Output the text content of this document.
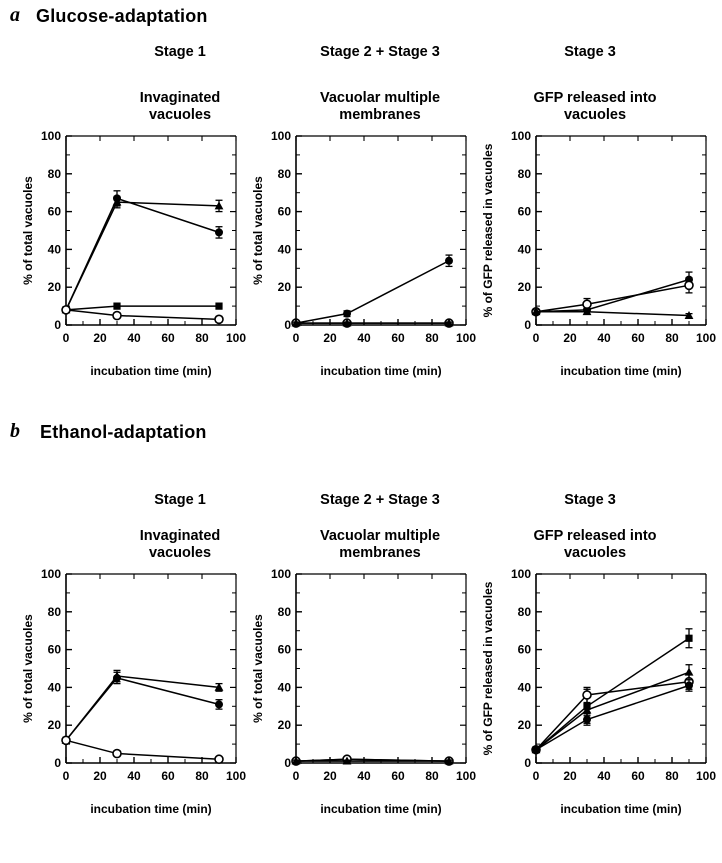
a Glucose-adaptation
Stage 1	Stage 2 + Stage 3	Stage 3
Invaginated
vacuoles
Vacuolar multiple
membranes
GFP released into
vacuoles
0
20
40
60
80
100
0 20 40 60 80 100
incubation time (min)
% of total vacuoles
0
20
40
60
80
100
0 20 40 60 80 100
incubation time (min)
% of total vacuoles
0
20
40
60
80
100
0 20 40 60 80 100
incubation time (min)
% of GFP released in vacuoles
b Ethanol-adaptation
Stage 1	Stage 2 + Stage 3	Stage 3
Invaginated
vacuoles
Vacuolar multiple
membranes
GFP released into
vacuoles
0
20
40
60
80
100
0 20 40 60 80 100
incubation time (min)
% of total vacuoles
0
20
40
60
80
100
0 20 40 60 80 100
incubation time (min)
% of total vacuoles
0
20
40
60
80
100
0 20 40 60 80 100
incubation time (min)
% of GFP released in vacuoles
